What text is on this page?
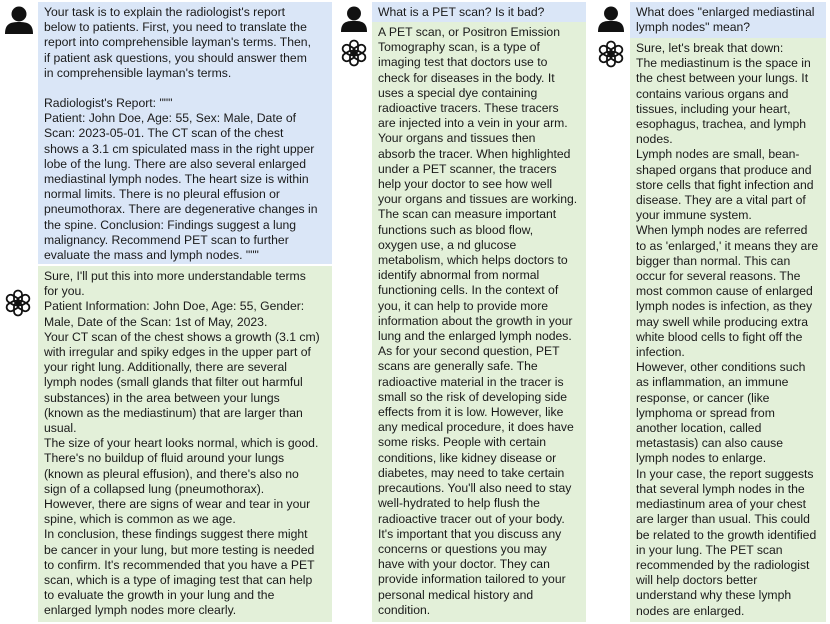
Your task is to explain the radiologist's report
below to patients. First, you need to translate the
report into comprehensible layman's terms. Then,
if patient ask questions, you should answer them
in comprehensible layman's terms.
Radiologist's Report: """
Patient: John Doe, Age: 55, Sex: Male, Date of
Scan: 2023-05-01. The CT scan of the chest
shows a 3.1 cm spiculated mass in the right upper
lobe of the lung. There are also several enlarged
mediastinal lymph nodes. The heart size is within
normal limits. There is no pleural effusion or
pneumothorax. There are degenerative changes in
the spine. Conclusion: Findings suggest a lung
malignancy. Recommend PET scan to further
evaluate the mass and lymph nodes. """
Sure, I'll put this into more understandable terms
for you.
Patient Information: John Doe, Age: 55, Gender:
Male, Date of the Scan: 1st of May, 2023.
Your CT scan of the chest shows a growth (3.1 cm)
with irregular and spiky edges in the upper part of
your right lung. Additionally, there are several
lymph nodes (small glands that filter out harmful
substances) in the area between your lungs
(known as the mediastinum) that are larger than
usual.
The size of your heart looks normal, which is good.
There's no buildup of fluid around your lungs
(known as pleural effusion), and there's also no
sign of a collapsed lung (pneumothorax).
However, there are signs of wear and tear in your
spine, which is common as we age.
In conclusion, these findings suggest there might
be cancer in your lung, but more testing is needed
to confirm. It's recommended that you have a PET
scan, which is a type of imaging test that can help
to evaluate the growth in your lung and the
enlarged lymph nodes more clearly.
What is a PET scan? Is it bad?
A PET scan, or Positron Emission
Tomography scan, is a type of
imaging test that doctors use to
check for diseases in the body. It
uses a special dye containing
radioactive tracers. These tracers
are injected into a vein in your arm.
Your organs and tissues then
absorb the tracer. When highlighted
under a PET scanner, the tracers
help your doctor to see how well
your organs and tissues are working.
The scan can measure important
functions such as blood flow,
oxygen use, a nd glucose
metabolism, which helps doctors to
identify abnormal from normal
functioning cells. In the context of
you, it can help to provide more
information about the growth in your
lung and the enlarged lymph nodes.
As for your second question, PET
scans are generally safe. The
radioactive material in the tracer is
small so the risk of developing side
effects from it is low. However, like
any medical procedure, it does have
some risks. People with certain
conditions, like kidney disease or
diabetes, may need to take certain
precautions. You'll also need to stay
well-hydrated to help flush the
radioactive tracer out of your body.
It's important that you discuss any
concerns or questions you may
have with your doctor. They can
provide information tailored to your
personal medical history and
condition.
What does "enlarged mediastinal
lymph nodes" mean?
Sure, let's break that down:
The mediastinum is the space in
the chest between your lungs. It
contains various organs and
tissues, including your heart,
esophagus, trachea, and lymph
nodes.
Lymph nodes are small, bean-
shaped organs that produce and
store cells that fight infection and
disease. They are a vital part of
your immune system.
When lymph nodes are referred
to as 'enlarged,' it means they are
bigger than normal. This can
occur for several reasons. The
most common cause of enlarged
lymph nodes is infection, as they
may swell while producing extra
white blood cells to fight off the
infection.
However, other conditions such
as inflammation, an immune
response, or cancer (like
lymphoma or spread from
another location, called
metastasis) can also cause
lymph nodes to enlarge.
In your case, the report suggests
that several lymph nodes in the
mediastinum area of your chest
are larger than usual. This could
be related to the growth identified
in your lung. The PET scan
recommended by the radiologist
will help doctors better
understand why these lymph
nodes are enlarged.
